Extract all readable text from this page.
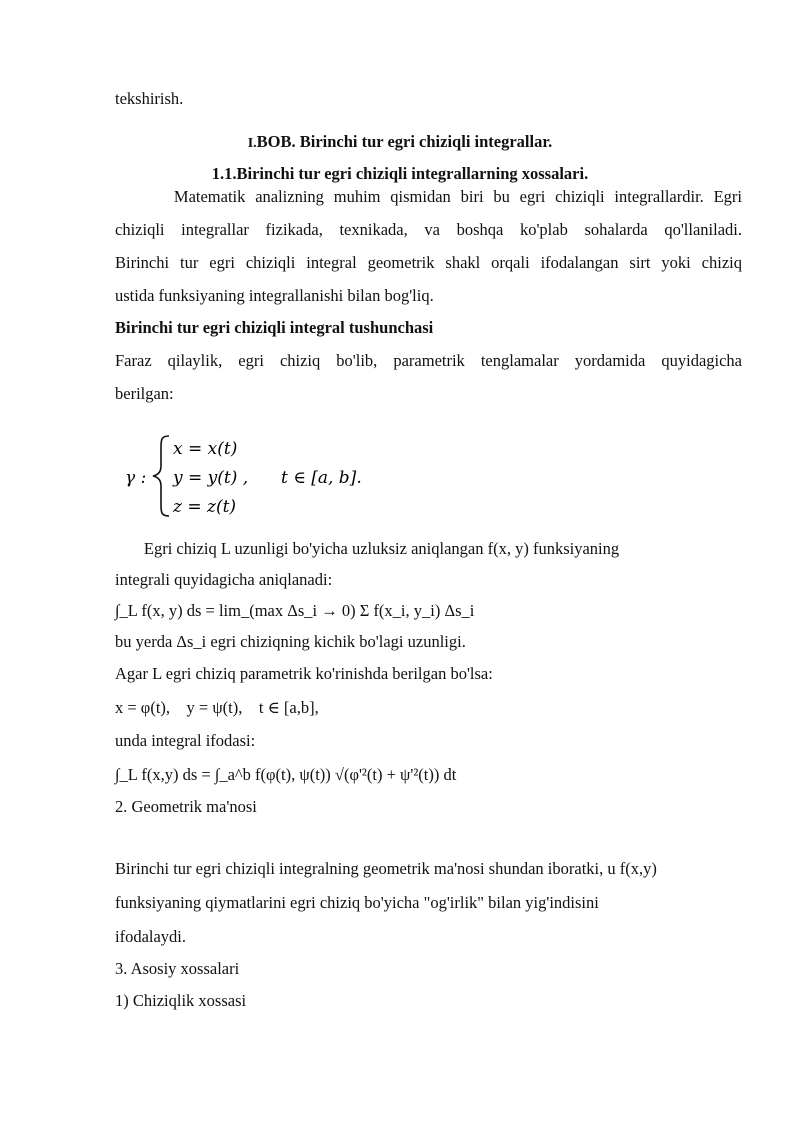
tekshirish.
I.BOB. Birinchi tur egri chiziqli integrallar.
1.1.Birinchi tur egri chiziqli integrallarning xossalari.
Matematik analizning muhim qismidan biri bu egri chiziqli integrallardir. Egri
chiziqli integrallar fizikada, texnikada, va boshqa ko'plab sohalarda qo'llaniladi.
Birinchi tur egri chiziqli integral geometrik shakl orqali ifodalangan sirt yoki chiziq
ustida funksiyaning integrallanishi bilan bog'liq.
Birinchi tur egri chiziqli integral tushunchasi
Faraz qilaylik, egri chiziq bo'lib, parametrik tenglamalar yordamida quyidagicha
berilgan:
γ :
x = x(t)
y = y(t) ,
z = z(t)
t ∈ [a, b].
Egri chiziq L uzunligi bo'yicha uzluksiz aniqlangan f(x, y) funksiyaning
integrali quyidagicha aniqlanadi:
∫_L f(x, y) ds = lim_(max Δs_i → 0) Σ f(x_i, y_i) Δs_i
bu yerda Δs_i egri chiziqning kichik bo'lagi uzunligi.
Agar L egri chiziq parametrik ko'rinishda berilgan bo'lsa:
x = φ(t),    y = ψ(t),    t ∈ [a,b],
unda integral ifodasi:
∫_L f(x,y) ds = ∫_a^b f(φ(t), ψ(t)) √(φ'²(t) + ψ'²(t)) dt
2. Geometrik ma'nosi
Birinchi tur egri chiziqli integralning geometrik ma'nosi shundan iboratki, u f(x,y)
funksiyaning qiymatlarini egri chiziq bo'yicha "og'irlik" bilan yig'indisini
ifodalaydi.
3. Asosiy xossalari
1) Chiziqlik xossasi
